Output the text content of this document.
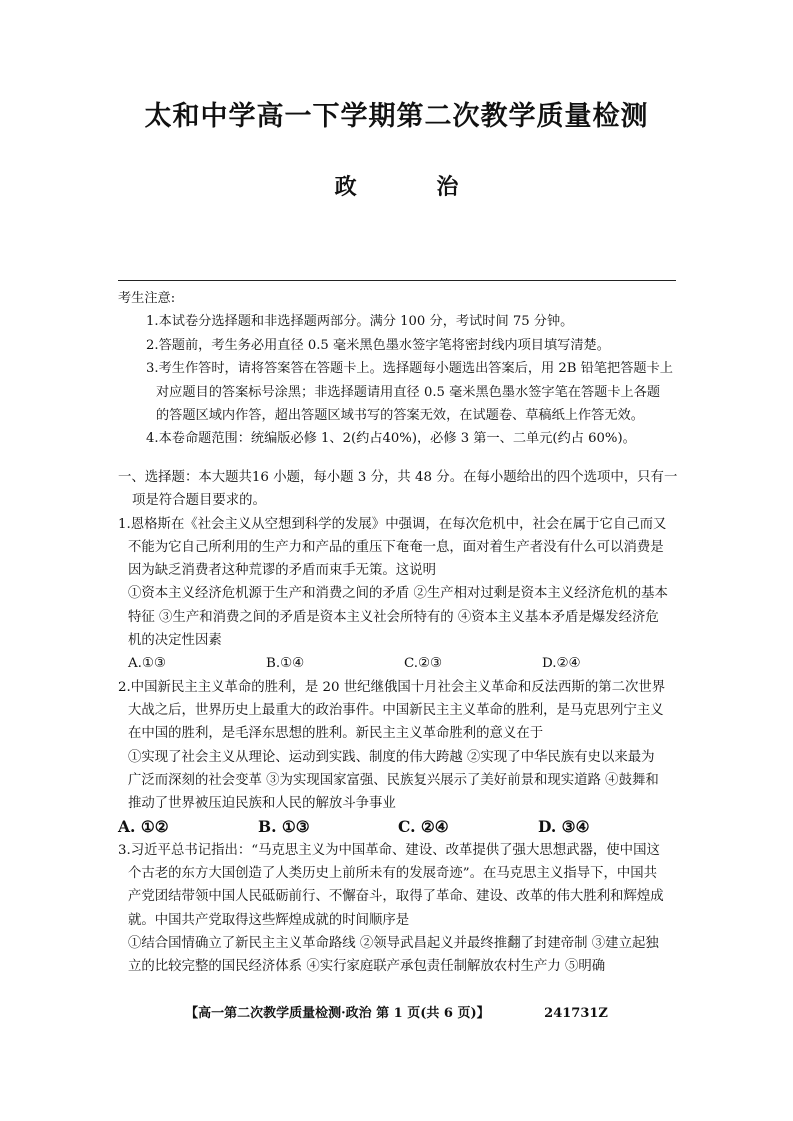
太和中学高一下学期第二次教学质量检测
政 治
考生注意:
1.本试卷分选择题和非选择题两部分。满分 100 分，考试时间 75 分钟。
2.答题前，考生务必用直径 0.5 毫米黑色墨水签字笔将密封线内项目填写清楚。
3.考生作答时，请将答案答在答题卡上。选择题每小题选出答案后，用 2B 铅笔把答题卡上
对应题目的答案标号涂黑；非选择题请用直径 0.5 毫米黑色墨水签字笔在答题卡上各题
的答题区域内作答，超出答题区域书写的答案无效，在试题卷、草稿纸上作答无效。
4.本卷命题范围：统编版必修 1、2(约占40%)，必修 3 第一、二单元(约占 60%)。
一、选择题：本大题共16 小题，每小题 3 分，共 48 分。在每小题给出的四个选项中，只有一
项是符合题目要求的。
1.恩格斯在《社会主义从空想到科学的发展》中强调，在每次危机中，社会在属于它自己而又
不能为它自己所利用的生产力和产品的重压下奄奄一息，面对着生产者没有什么可以消费是
因为缺乏消费者这种荒谬的矛盾而束手无策。这说明
①资本主义经济危机源于生产和消费之间的矛盾 ②生产相对过剩是资本主义经济危机的基本
特征 ③生产和消费之间的矛盾是资本主义社会所特有的 ④资本主义基本矛盾是爆发经济危
机的决定性因素
A.①③	B.①④	C.②③	D.②④
2.中国新民主主义革命的胜利，是 20 世纪继俄国十月社会主义革命和反法西斯的第二次世界
大战之后，世界历史上最重大的政治事件。中国新民主主义革命的胜利，是马克思列宁主义
在中国的胜利，是毛泽东思想的胜利。新民主主义革命胜利的意义在于
①实现了社会主义从理论、运动到实践、制度的伟大跨越 ②实现了中华民族有史以来最为
广泛而深刻的社会变革 ③为实现国家富强、民族复兴展示了美好前景和现实道路 ④鼓舞和
推动了世界被压迫民族和人民的解放斗争事业
A. ①②	B. ①③	C. ②④	D. ③④
3.习近平总书记指出：“马克思主义为中国革命、建设、改革提供了强大思想武器，使中国这
个古老的东方大国创造了人类历史上前所未有的发展奇迹”。在马克思主义指导下，中国共
产党团结带领中国人民砥砺前行、不懈奋斗，取得了革命、建设、改革的伟大胜利和辉煌成
就。中国共产党取得这些辉煌成就的时间顺序是
①结合国情确立了新民主主义革命路线 ②领导武昌起义并最终推翻了封建帝制 ③建立起独
立的比较完整的国民经济体系 ④实行家庭联产承包责任制解放农村生产力 ⑤明确
【高一第二次教学质量检测·政治 第 1 页(共 6 页)】	241731Z
